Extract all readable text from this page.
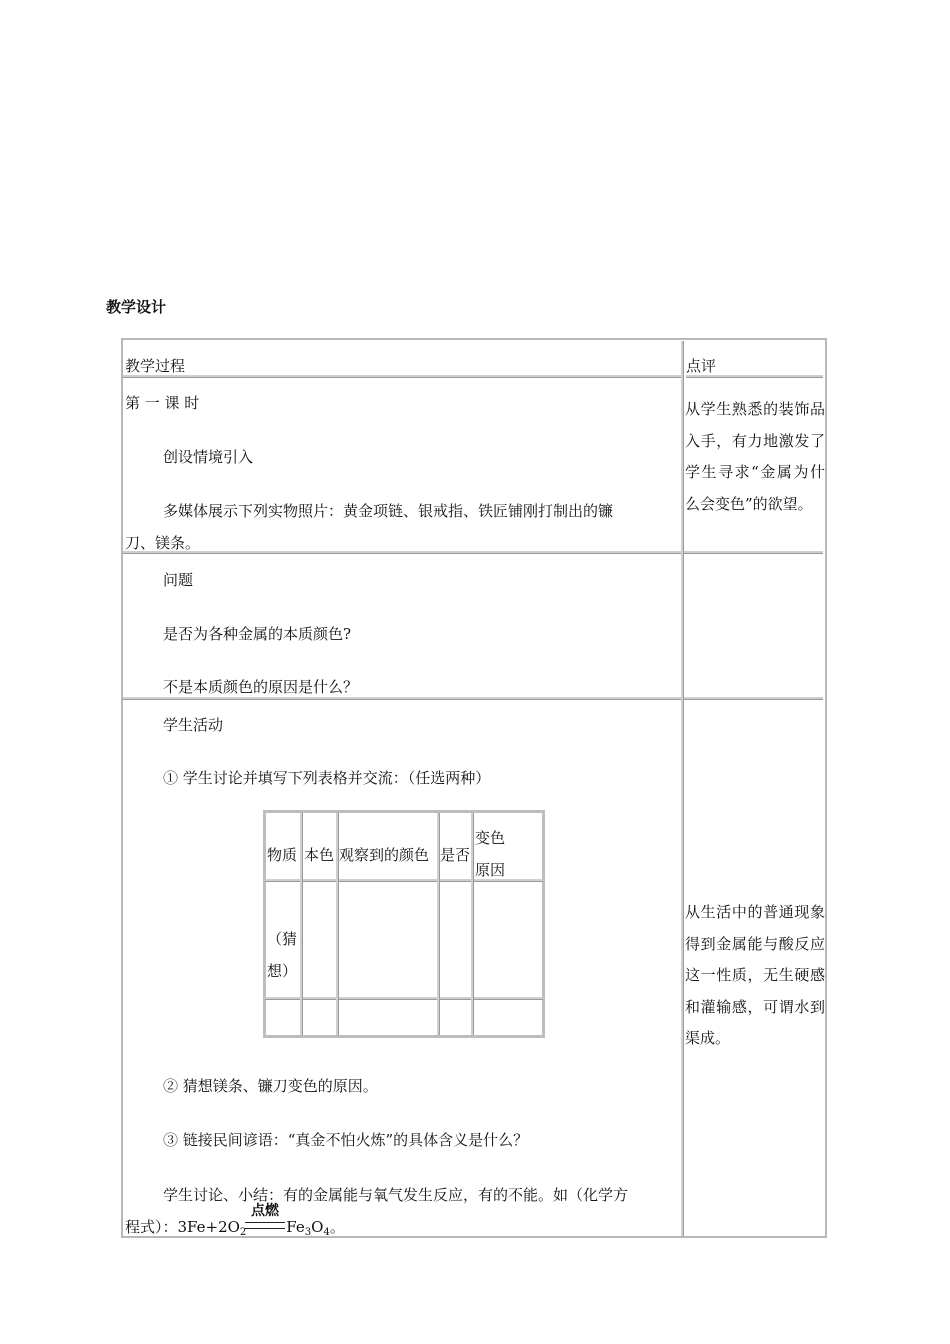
教学设计
教学过程	点评
第 一 课 时
创设情境引入
多媒体展示下列实物照片：黄金项链、银戒指、铁匠铺刚打制出的镰
刀、镁条。
从学生熟悉的装饰品入手，有力地激发了学生寻求“金属为什么会变色”的欲望。
问题
是否为各种金属的本质颜色?
不是本质颜色的原因是什么？
学生活动
① 学生讨论并填写下列表格并交流：（任选两种）
物质 本色 观察到的颜色 是否
变色
原因
（猜
想）
② 猜想镁条、镰刀变色的原因。
③ 链接民间谚语：“真金不怕火炼”的具体含义是什么？
学生讨论、小结：有的金属能与氧气发生反应，有的不能。如（化学方
程式）：$3Fe+2O_2$	$Fe_3O_4$。
点燃
从生活中的普通现象得到金属能与酸反应这一性质，无生硬感和灌输感，可谓水到渠成。
